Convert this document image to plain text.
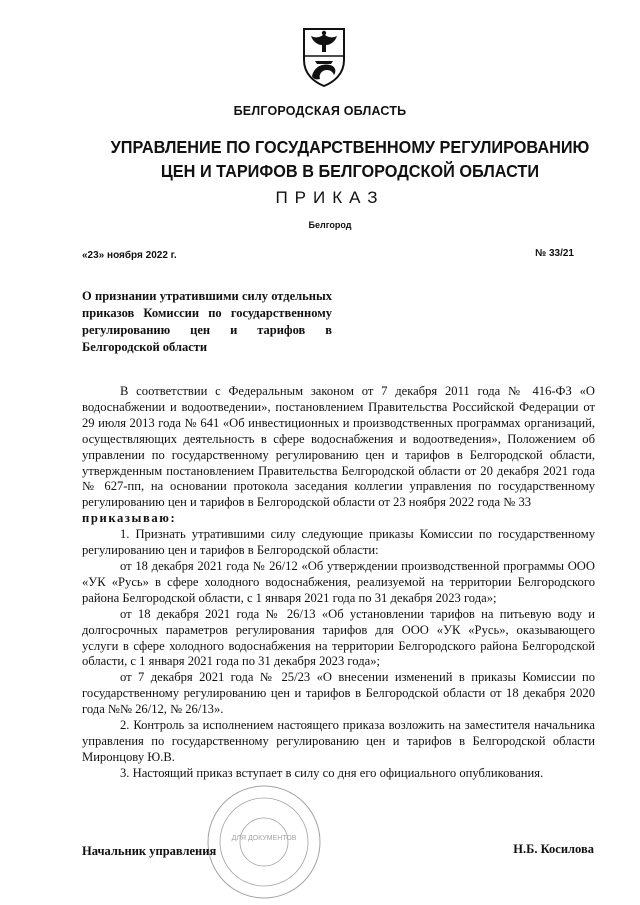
БЕЛГОРОДСКАЯ ОБЛАСТЬ
УПРАВЛЕНИЕ ПО ГОСУДАРСТВЕННОМУ РЕГУЛИРОВАНИЮ
ЦЕН И ТАРИФОВ В БЕЛГОРОДСКОЙ ОБЛАСТИ
ПРИКАЗ
Белгород
«23» ноября 2022 г.	№ 33/21
О признании утратившими силу отдельных приказов Комиссии по государственному регулированию цен и тарифов в Белгородской области

В соответствии с Федеральным законом от 7 декабря 2011 года № 416-ФЗ «О водоснабжении и водоотведении», постановлением Правительства Российской Федерации от 29 июля 2013 года № 641 «Об инвестиционных и производственных программах организаций, осуществляющих деятельность в сфере водоснабжения и водоотведения», Положением об управлении по государственному регулированию цен и тарифов в Белгородской области, утвержденным постановлением Правительства Белгородской области от 20 декабря 2021 года № 627-пп, на основании протокола заседания коллегии управления по государственному регулированию цен и тарифов в Белгородской области от 23 ноября 2022 года № 33

приказываю:

1. Признать утратившими силу следующие приказы Комиссии по государственному регулированию цен и тарифов в Белгородской области:

от 18 декабря 2021 года № 26/12 «Об утверждении производственной программы ООО «УК «Русь» в сфере холодного водоснабжения, реализуемой на территории Белгородского района Белгородской области, с 1 января 2021 года по 31 декабря 2023 года»;

от 18 декабря 2021 года № 26/13 «Об установлении тарифов на питьевую воду и долгосрочных параметров регулирования тарифов для ООО «УК «Русь», оказывающего услуги в сфере холодного водоснабжения на территории Белгородского района Белгородской области, с 1 января 2021 года по 31 декабря 2023 года»;

от 7 декабря 2021 года № 25/23 «О внесении изменений в приказы Комиссии по государственному регулированию цен и тарифов в Белгородской области от 18 декабря 2020 года №№ 26/12, № 26/13».

2. Контроль за исполнением настоящего приказа возложить на заместителя начальника управления по государственному регулированию цен и тарифов в Белгородской области Миронцову Ю.В.

3. Настоящий приказ вступает в силу со дня его официального опубликования.

ДЛЯ ДОКУМЕНТОВ
Начальник управления	Н.Б. Косилова
